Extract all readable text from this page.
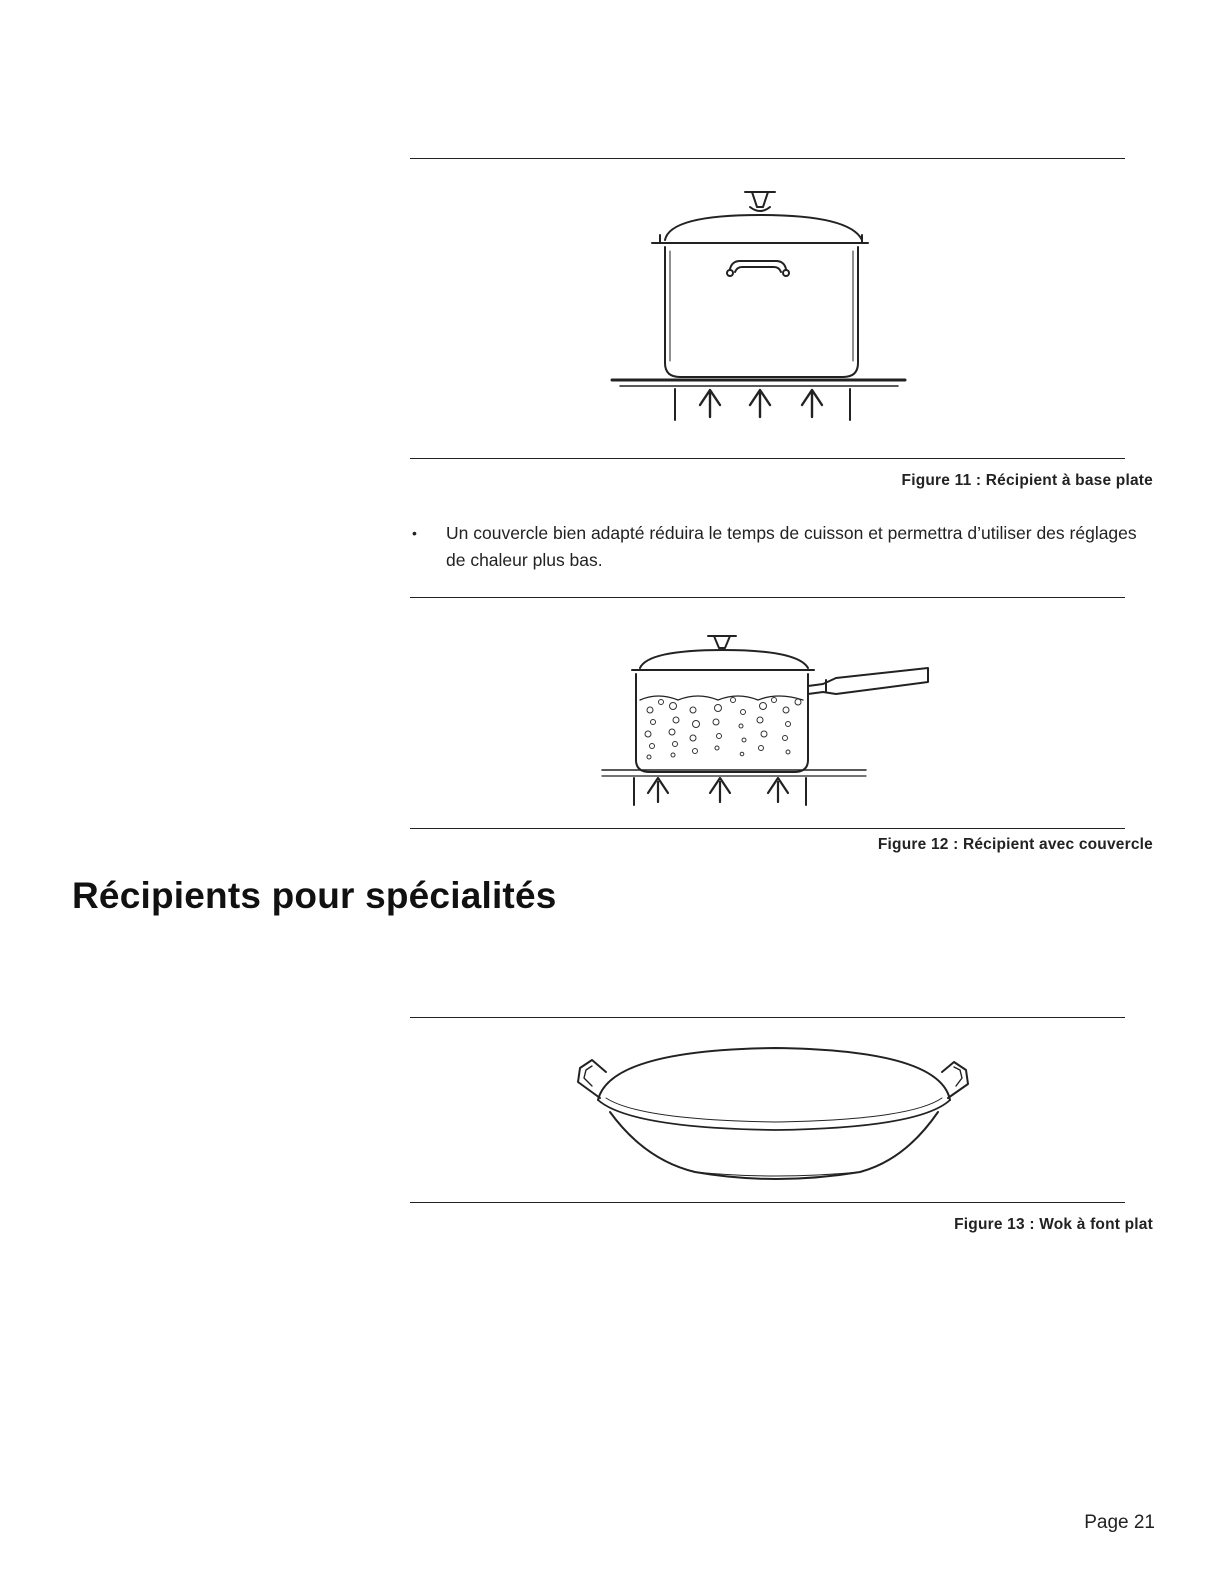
Figure 11 : Récipient à base plate
• Un couvercle bien adapté réduira le temps de cuisson et permettra d’utiliser des réglages de chaleur plus bas.
Figure 12 : Récipient avec couvercle
Récipients pour spécialités
Figure 13 : Wok à font plat
Page 21
